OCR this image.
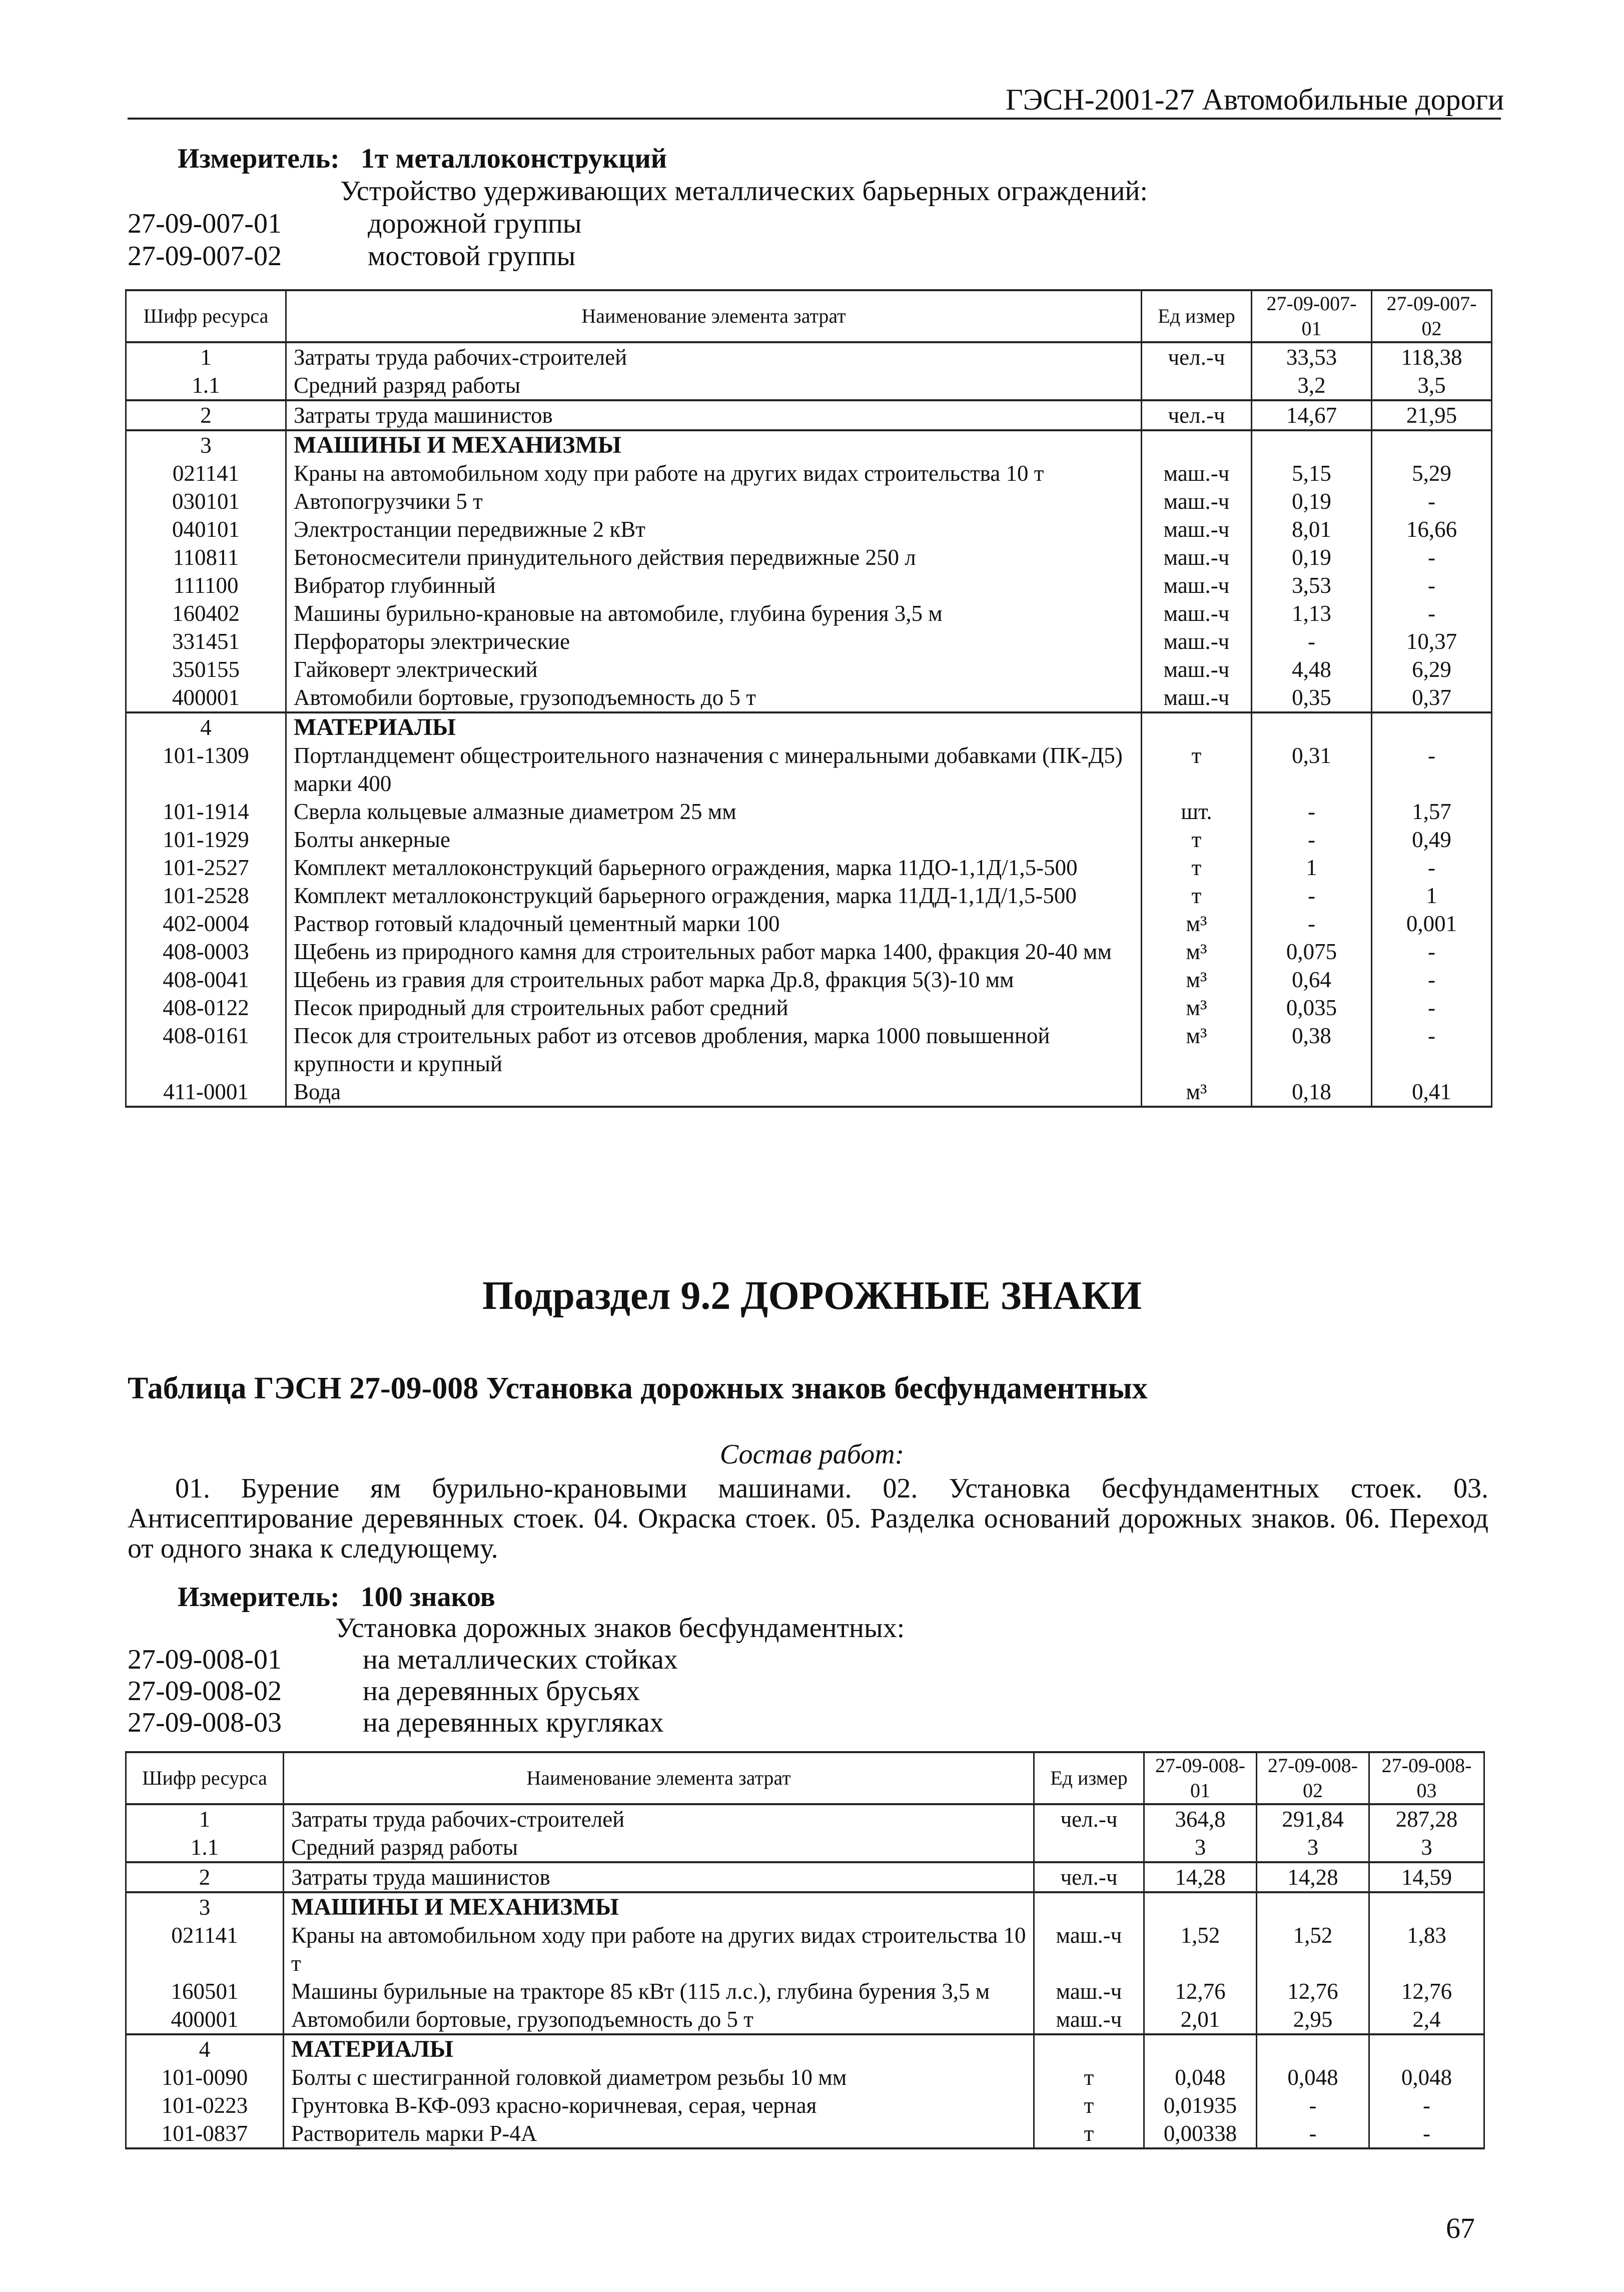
ГЭСН-2001-27 Автомобильные дороги
Измеритель: 1т металлоконструкций
Устройство удерживающих металлических барьерных ограждений:
27-09-007-01	дорожной группы
27-09-007-02	мостовой группы
Шифр ресурса	Наименование элемента затрат	Ед измер	27-09-007-01	27-09-007-02
1	Затраты труда рабочих-строителей	чел.-ч	33,53	118,38
1.1	Средний разряд работы		3,2	3,5
2	Затраты труда машинистов	чел.-ч	14,67	21,95
3	МАШИНЫ И МЕХАНИЗМЫ			
021141	Краны на автомобильном ходу при работе на других видах строительства 10 т	маш.-ч	5,15	5,29
030101	Автопогрузчики 5 т	маш.-ч	0,19	-
040101	Электростанции передвижные 2 кВт	маш.-ч	8,01	16,66
110811	Бетоносмесители принудительного действия передвижные 250 л	маш.-ч	0,19	-
111100	Вибратор глубинный	маш.-ч	3,53	-
160402	Машины бурильно-крановые на автомобиле, глубина бурения 3,5 м	маш.-ч	1,13	-
331451	Перфораторы электрические	маш.-ч	-	10,37
350155	Гайковерт электрический	маш.-ч	4,48	6,29
400001	Автомобили бортовые, грузоподъемность до 5 т	маш.-ч	0,35	0,37
4	МАТЕРИАЛЫ			
101-1309	Портландцемент общестроительного назначения с минеральными добавками (ПК-Д5) марки 400	т	0,31	-
101-1914	Сверла кольцевые алмазные диаметром 25 мм	шт.	-	1,57
101-1929	Болты анкерные	т	-	0,49
101-2527	Комплект металлоконструкций барьерного ограждения, марка 11ДО-1,1Д/1,5-500	т	1	-
101-2528	Комплект металлоконструкций барьерного ограждения, марка 11ДД-1,1Д/1,5-500	т	-	1
402-0004	Раствор готовый кладочный цементный марки 100	м³	-	0,001
408-0003	Щебень из природного камня для строительных работ марка 1400, фракция 20-40 мм	м³	0,075	-
408-0041	Щебень из гравия для строительных работ марка Др.8, фракция 5(3)-10 мм	м³	0,64	-
408-0122	Песок природный для строительных работ средний	м³	0,035	-
408-0161	Песок для строительных работ из отсевов дробления, марка 1000 повышенной крупности и крупный	м³	0,38	-
411-0001	Вода	м³	0,18	0,41
Подраздел 9.2 ДОРОЖНЫЕ ЗНАКИ
Таблица ГЭСН 27-09-008 Установка дорожных знаков бесфундаментных
Состав работ:
01. Бурение ям бурильно-крановыми машинами. 02. Установка бесфундаментных стоек. 03. Антисептирование деревянных стоек. 04. Окраска стоек. 05. Разделка оснований дорожных знаков. 06. Переход от одного знака к следующему.
Измеритель: 100 знаков
Установка дорожных знаков бесфундаментных:
27-09-008-01	на металлических стойках
27-09-008-02	на деревянных брусьях
27-09-008-03	на деревянных кругляках
Шифр ресурса	Наименование элемента затрат	Ед измер	27-09-008-01	27-09-008-02	27-09-008-03
1	Затраты труда рабочих-строителей	чел.-ч	364,8	291,84	287,28
1.1	Средний разряд работы		3	3	3
2	Затраты труда машинистов	чел.-ч	14,28	14,28	14,59
3	МАШИНЫ И МЕХАНИЗМЫ				
021141	Краны на автомобильном ходу при работе на других видах строительства 10 т	маш.-ч	1,52	1,52	1,83
160501	Машины бурильные на тракторе 85 кВт (115 л.с.), глубина бурения 3,5 м	маш.-ч	12,76	12,76	12,76
400001	Автомобили бортовые, грузоподъемность до 5 т	маш.-ч	2,01	2,95	2,4
4	МАТЕРИАЛЫ				
101-0090	Болты с шестигранной головкой диаметром резьбы 10 мм	т	0,048	0,048	0,048
101-0223	Грунтовка В-КФ-093 красно-коричневая, серая, черная	т	0,01935	-	-
101-0837	Растворитель марки Р-4А	т	0,00338	-	-
67
